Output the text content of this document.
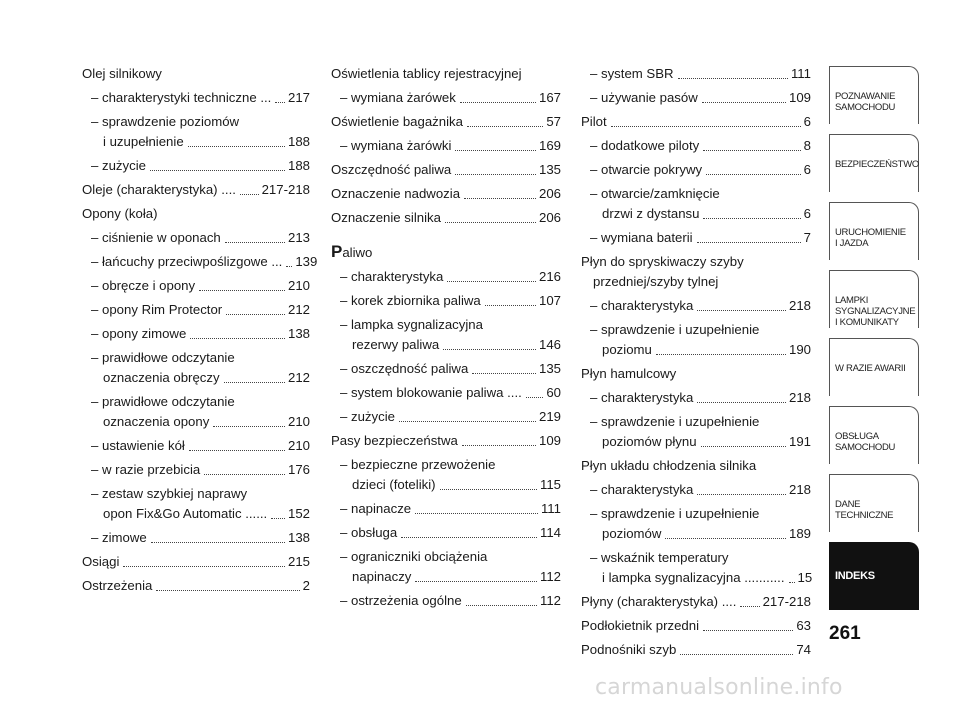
Olej silnikowy
– charakterystyki techniczne ... 217
– sprawdzenie poziomów
i uzupełnienie	188
– zużycie	188
Oleje (charakterystyka) .... 217-218
Opony (koła)
– ciśnienie w oponach	213
– łańcuchy przeciwpoślizgowe ... 139
– obręcze i opony	210
– opony Rim Protector	212
– opony zimowe	138
– prawidłowe odczytanie
oznaczenia obręczy	212
– prawidłowe odczytanie
oznaczenia opony	210
– ustawienie kół	210
– w razie przebicia	176
– zestaw szybkiej naprawy
opon Fix&Go Automatic ...... 152
– zimowe	138
Osiągi	215
Ostrzeżenia	2
Oświetlenia tablicy rejestracyjnej
– wymiana żarówek	167
Oświetlenie bagażnika	57
– wymiana żarówki	169
Oszczędność paliwa	135
Oznaczenie nadwozia	206
Oznaczenie silnika	206
Paliwo
– charakterystyka	216
– korek zbiornika paliwa	107
– lampka sygnalizacyjna
rezerwy paliwa	146
– oszczędność paliwa	135
– system blokowanie paliwa .... 60
– zużycie	219
Pasy bezpieczeństwa	109
– bezpieczne przewożenie
dzieci (foteliki)	115
– napinacze	111
– obsługa	114
– ograniczniki obciążenia
napinaczy	112
– ostrzeżenia ogólne	112
– system SBR	111
– używanie pasów	109
Pilot	6
– dodatkowe piloty	8
– otwarcie pokrywy	6
– otwarcie/zamknięcie
drzwi z dystansu	6
– wymiana baterii	7
Płyn do spryskiwaczy szyby
przedniej/szyby tylnej
– charakterystyka	218
– sprawdzenie i uzupełnienie
poziomu	190
Płyn hamulcowy
– charakterystyka	218
– sprawdzenie i uzupełnienie
poziomów płynu	191
Płyn układu chłodzenia silnika
– charakterystyka	218
– sprawdzenie i uzupełnienie
poziomów	189
– wskaźnik temperatury
i lampka sygnalizacyjna ........... 15
Płyny (charakterystyka) .... 217-218
Podłokietnik przedni	63
Podnośniki szyb	74
POZNAWANIE
SAMOCHODU
BEZPIECZEŃSTWO
URUCHOMIENIE
I JAZDA
LAMPKI
SYGNALIZACYJNE
I KOMUNIKATY
W RAZIE AWARII
OBSŁUGA
SAMOCHODU
DANE
TECHNICZNE
INDEKS
261
carmanualsonline.info
